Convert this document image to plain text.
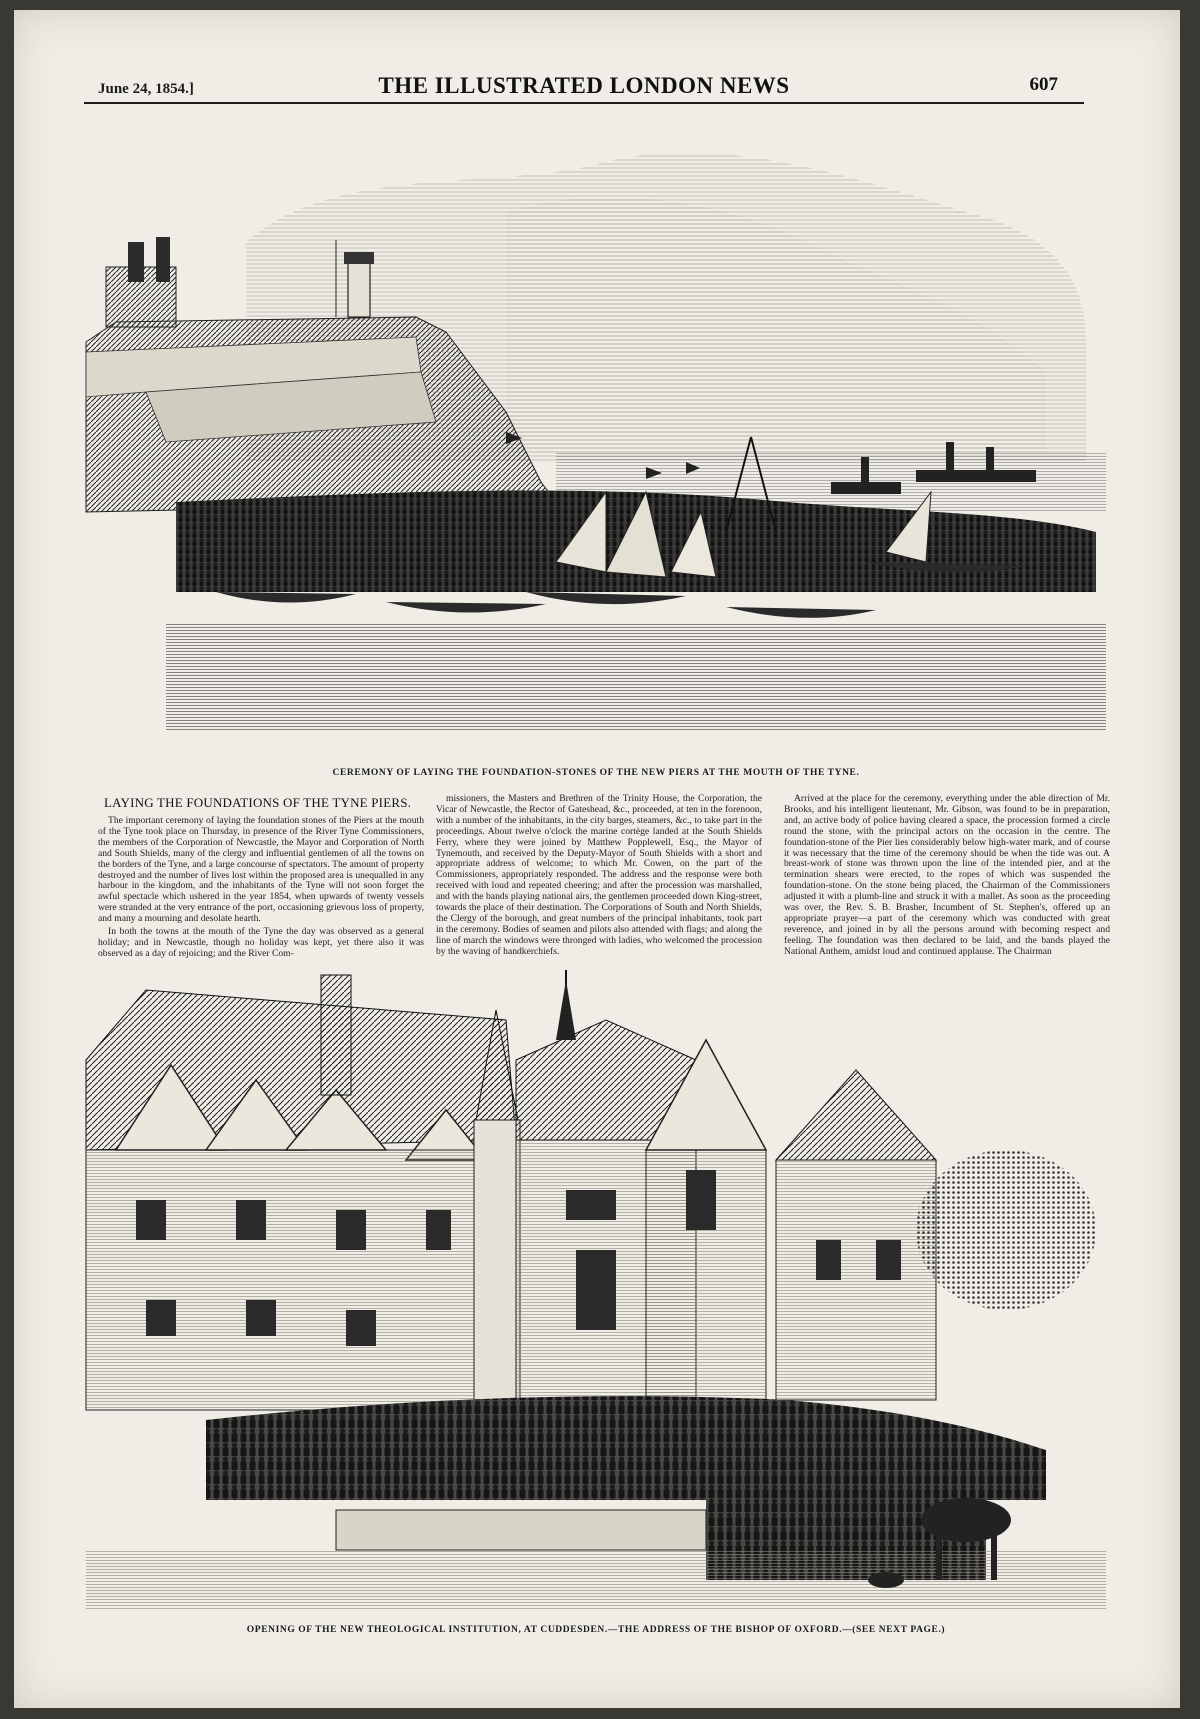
June 24, 1854.]	THE ILLUSTRATED LONDON NEWS	607
CEREMONY OF LAYING THE FOUNDATION-STONES OF THE NEW PIERS AT THE MOUTH OF THE TYNE.
LAYING THE FOUNDATIONS OF THE TYNE PIERS.

The important ceremony of laying the foundation stones of the Piers at the mouth of the Tyne took place on Thursday, in presence of the River Tyne Commissioners, the members of the Corporation of Newcastle, the Mayor and Corporation of North and South Shields, many of the clergy and influential gentlemen of all the towns on the borders of the Tyne, and a large concourse of spectators. The amount of property destroyed and the number of lives lost within the proposed area is unequalled in any harbour in the kingdom, and the inhabitants of the Tyne will not soon forget the awful spectacle which ushered in the year 1854, when upwards of twenty vessels were stranded at the very entrance of the port, occasioning grievous loss of property, and many a mourning and desolate hearth.

In both the towns at the mouth of the Tyne the day was observed as a general holiday; and in Newcastle, though no holiday was kept, yet there also it was observed as a day of rejoicing; and the River Com-

missioners, the Masters and Brethren of the Trinity House, the Corporation, the Vicar of Newcastle, the Rector of Gateshead, &c., proceeded, at ten in the forenoon, with a number of the inhabitants, in the city barges, steamers, &c., to take part in the proceedings. About twelve o'clock the marine cortège landed at the South Shields Ferry, where they were joined by Matthew Popplewell, Esq., the Mayor of Tynemouth, and received by the Deputy-Mayor of South Shields with a short and appropriate address of welcome; to which Mr. Cowen, on the part of the Commissioners, appropriately responded. The address and the response were both received with loud and repeated cheering; and after the procession was marshalled, and with the bands playing national airs, the gentlemen proceeded down King-street, towards the place of their destination. The Corporations of South and North Shields, the Clergy of the borough, and great numbers of the principal inhabitants, took part in the ceremony. Bodies of seamen and pilots also attended with flags; and along the line of march the windows were thronged with ladies, who welcomed the procession by the waving of handkerchiefs.

Arrived at the place for the ceremony, everything under the able direction of Mr. Brooks, and his intelligent lieutenant, Mr. Gibson, was found to be in preparation, and, an active body of police having cleared a space, the procession formed a circle round the stone, with the principal actors on the occasion in the centre. The foundation-stone of the Pier lies considerably below high-water mark, and of course it was necessary that the time of the ceremony should be when the tide was out. A breast-work of stone was thrown upon the line of the intended pier, and at the termination shears were erected, to the ropes of which was suspended the foundation-stone. On the stone being placed, the Chairman of the Commissioners adjusted it with a plumb-line and struck it with a mallet. As soon as the proceeding was over, the Rev. S. B. Brasher, Incumbent of St. Stephen's, offered up an appropriate prayer—a part of the ceremony which was conducted with great reverence, and joined in by all the persons around with becoming respect and feeling. The foundation was then declared to be laid, and the bands played the National Anthem, amidst loud and continued applause. The Chairman

OPENING OF THE NEW THEOLOGICAL INSTITUTION, AT CUDDESDEN.—THE ADDRESS OF THE BISHOP OF OXFORD.—(SEE NEXT PAGE.)
